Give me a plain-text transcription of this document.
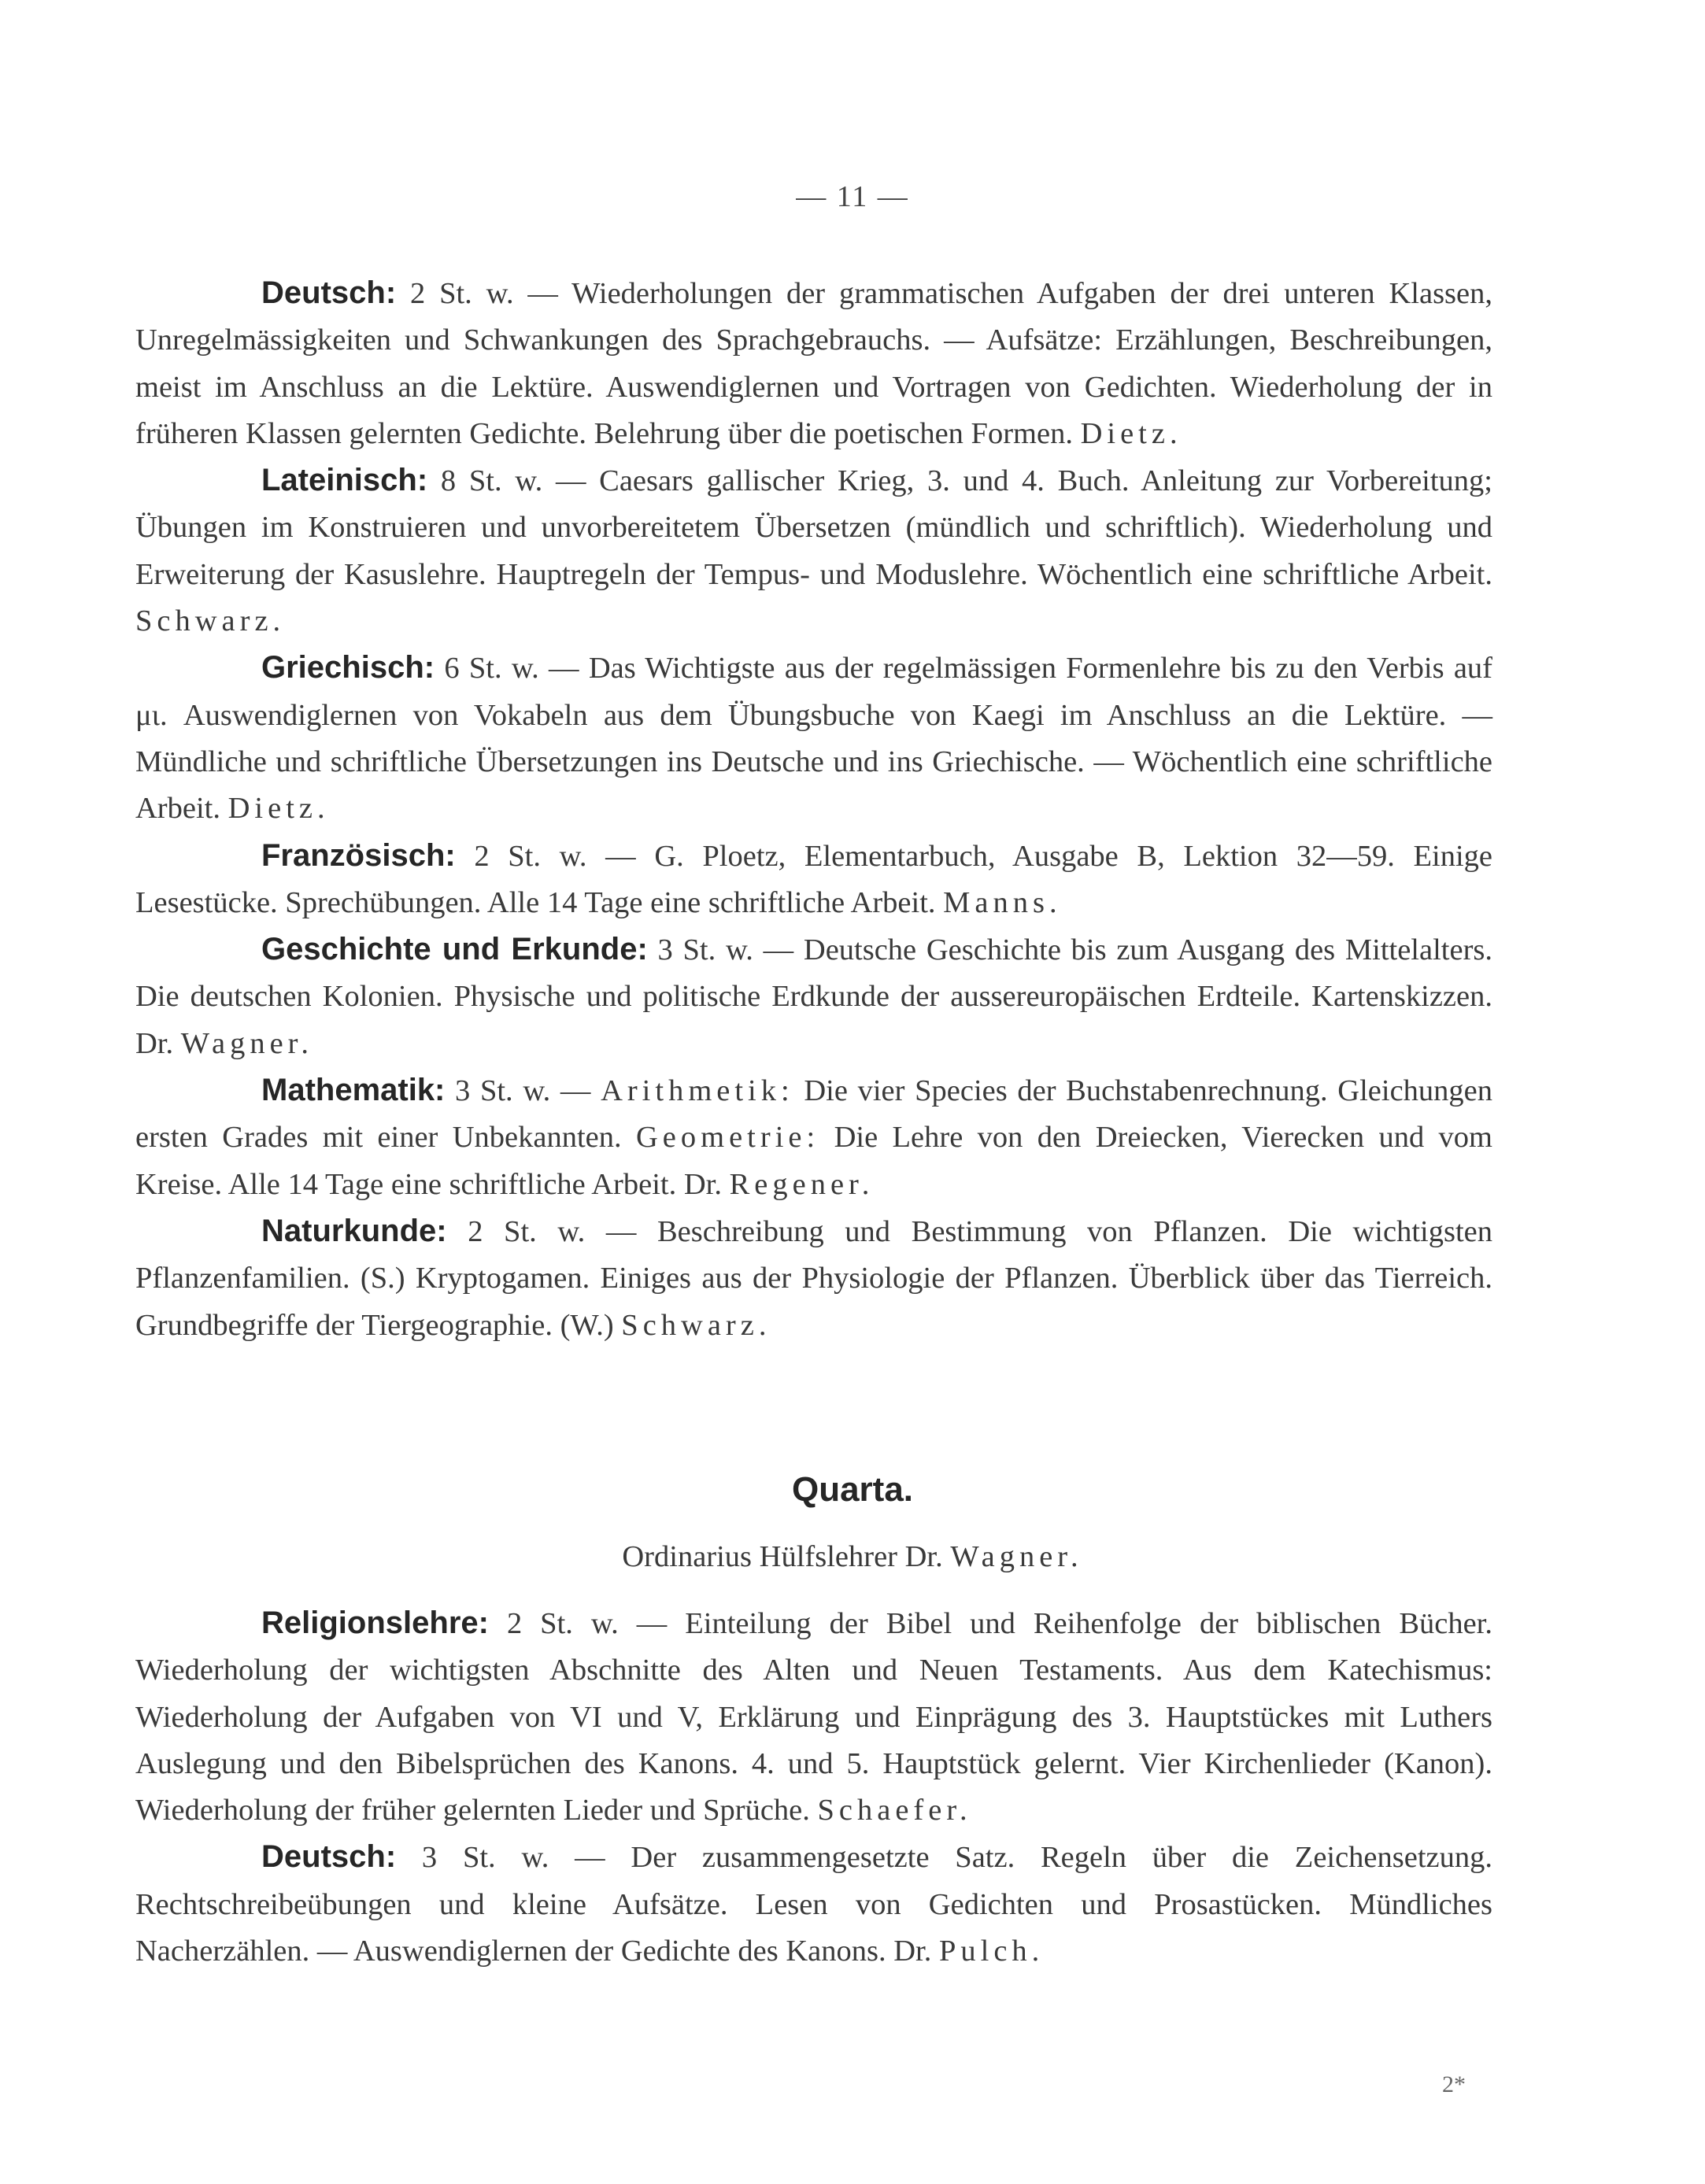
— 11 —

Deutsch: 2 St. w. — Wiederholungen der grammatischen Aufgaben der drei unteren Klassen, Unregelmässigkeiten und Schwankungen des Sprachgebrauchs. — Aufsätze: Erzählungen, Beschreibungen, meist im Anschluss an die Lektüre. Auswendiglernen und Vortragen von Gedichten. Wiederholung der in früheren Klassen gelernten Gedichte. Belehrung über die poetischen Formen. Dietz.

Lateinisch: 8 St. w. — Caesars gallischer Krieg, 3. und 4. Buch. Anleitung zur Vorbereitung; Übungen im Konstruieren und unvorbereitetem Übersetzen (mündlich und schriftlich). Wiederholung und Erweiterung der Kasuslehre. Hauptregeln der Tempus- und Moduslehre. Wöchentlich eine schriftliche Arbeit. Schwarz.

Griechisch: 6 St. w. — Das Wichtigste aus der regelmässigen Formenlehre bis zu den Verbis auf μι. Auswendiglernen von Vokabeln aus dem Übungsbuche von Kaegi im Anschluss an die Lektüre. — Mündliche und schriftliche Übersetzungen ins Deutsche und ins Griechische. — Wöchentlich eine schriftliche Arbeit. Dietz.

Französisch: 2 St. w. — G. Ploetz, Elementarbuch, Ausgabe B, Lektion 32—59. Einige Lesestücke. Sprechübungen. Alle 14 Tage eine schriftliche Arbeit. Manns.

Geschichte und Erkunde: 3 St. w. — Deutsche Geschichte bis zum Ausgang des Mittelalters. Die deutschen Kolonien. Physische und politische Erdkunde der aussereuropäischen Erdteile. Kartenskizzen. Dr. Wagner.

Mathematik: 3 St. w. — Arithmetik: Die vier Species der Buchstabenrechnung. Gleichungen ersten Grades mit einer Unbekannten. Geometrie: Die Lehre von den Dreiecken, Vierecken und vom Kreise. Alle 14 Tage eine schriftliche Arbeit. Dr. Regener.

Naturkunde: 2 St. w. — Beschreibung und Bestimmung von Pflanzen. Die wichtigsten Pflanzenfamilien. (S.) Kryptogamen. Einiges aus der Physiologie der Pflanzen. Überblick über das Tierreich. Grundbegriffe der Tiergeographie. (W.) Schwarz.

Quarta.
Ordinarius Hülfslehrer Dr. Wagner.

Religionslehre: 2 St. w. — Einteilung der Bibel und Reihenfolge der biblischen Bücher. Wiederholung der wichtigsten Abschnitte des Alten und Neuen Testaments. Aus dem Katechismus: Wiederholung der Aufgaben von VI und V, Erklärung und Einprägung des 3. Hauptstückes mit Luthers Auslegung und den Bibelsprüchen des Kanons. 4. und 5. Hauptstück gelernt. Vier Kirchenlieder (Kanon). Wiederholung der früher gelernten Lieder und Sprüche. Schaefer.

Deutsch: 3 St. w. — Der zusammengesetzte Satz. Regeln über die Zeichensetzung. Rechtschreibeübungen und kleine Aufsätze. Lesen von Gedichten und Prosastücken. Mündliches Nacherzählen. — Auswendiglernen der Gedichte des Kanons. Dr. Pulch.

2*
